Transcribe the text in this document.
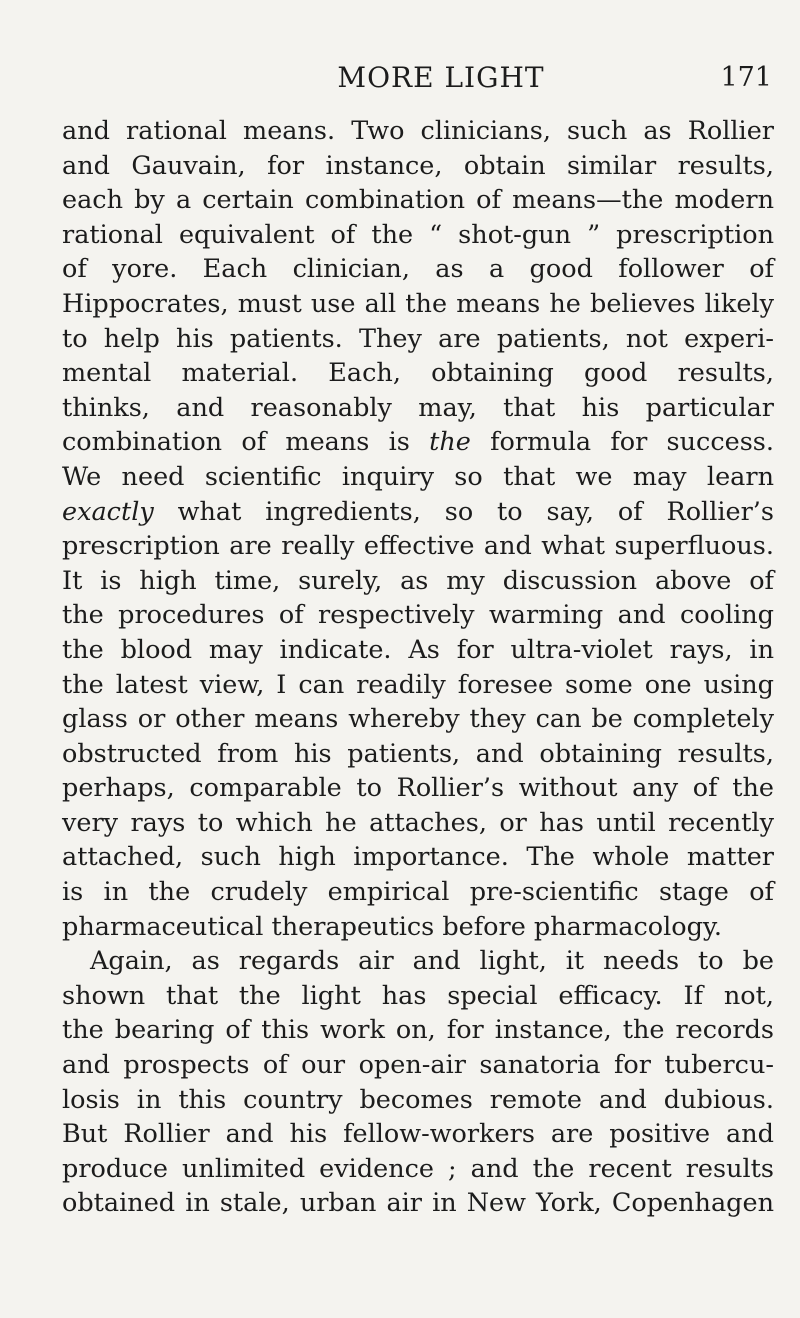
MORE LIGHT	171
and rational means. Two clinicians, such as Rollier
and Gauvain, for instance, obtain similar results,
each by a certain combination of means—the modern
rational equivalent of the “ shot-gun ” prescription
of yore. Each clinician, as a good follower of
Hippocrates, must use all the means he believes likely
to help his patients. They are patients, not experi-
mental material. Each, obtaining good results,
thinks, and reasonably may, that his particular
combination of means is the formula for success.
We need scientific inquiry so that we may learn
exactly what ingredients, so to say, of Rollier’s
prescription are really effective and what superfluous.
It is high time, surely, as my discussion above of
the procedures of respectively warming and cooling
the blood may indicate. As for ultra-violet rays, in
the latest view, I can readily foresee some one using
glass or other means whereby they can be completely
obstructed from his patients, and obtaining results,
perhaps, comparable to Rollier’s without any of the
very rays to which he attaches, or has until recently
attached, such high importance. The whole matter
is in the crudely empirical pre-scientific stage of
pharmaceutical therapeutics before pharmacology.
Again, as regards air and light, it needs to be
shown that the light has special efficacy. If not,
the bearing of this work on, for instance, the records
and prospects of our open-air sanatoria for tubercu-
losis in this country becomes remote and dubious.
But Rollier and his fellow-workers are positive and
produce unlimited evidence ; and the recent results
obtained in stale, urban air in New York, Copenhagen
